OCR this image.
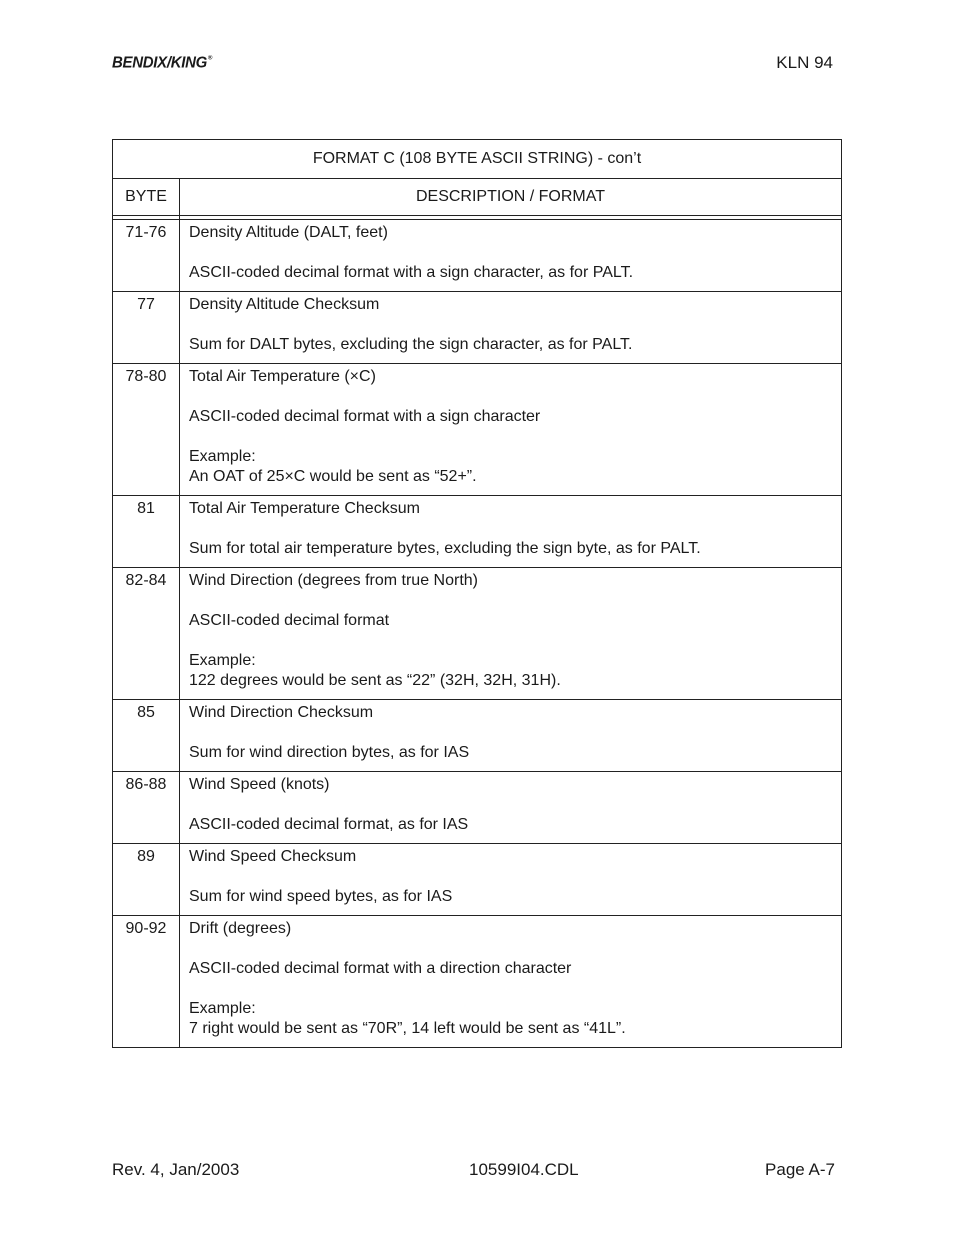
BENDIX/KING®	KLN 94
FORMAT C (108 BYTE ASCII STRING) - con’t	
BYTE	DESCRIPTION / FORMAT

71-76	Density Altitude (DALT, feet)
ASCII-coded decimal format with a sign character, as for PALT.

77	Density Altitude Checksum
Sum for DALT bytes, excluding the sign character, as for PALT.

78-80	Total Air Temperature (×C)
ASCII-coded decimal format with a sign character
Example:
An OAT of 25×C would be sent as “52+”.

81	Total Air Temperature Checksum
Sum for total air temperature bytes, excluding the sign byte, as for PALT.

82-84	Wind Direction (degrees from true North)
ASCII-coded decimal format
Example:
122 degrees would be sent as “22” (32H, 32H, 31H).

85	Wind Direction Checksum
Sum for wind direction bytes, as for IAS

86-88	Wind Speed (knots)
ASCII-coded decimal format, as for IAS

89	Wind Speed Checksum
Sum for wind speed bytes, as for IAS

90-92	Drift (degrees)
ASCII-coded decimal format with a direction character
Example:
7 right would be sent as “70R”, 14 left would be sent as “41L”.
Rev. 4, Jan/2003	10599I04.CDL	Page A-7
